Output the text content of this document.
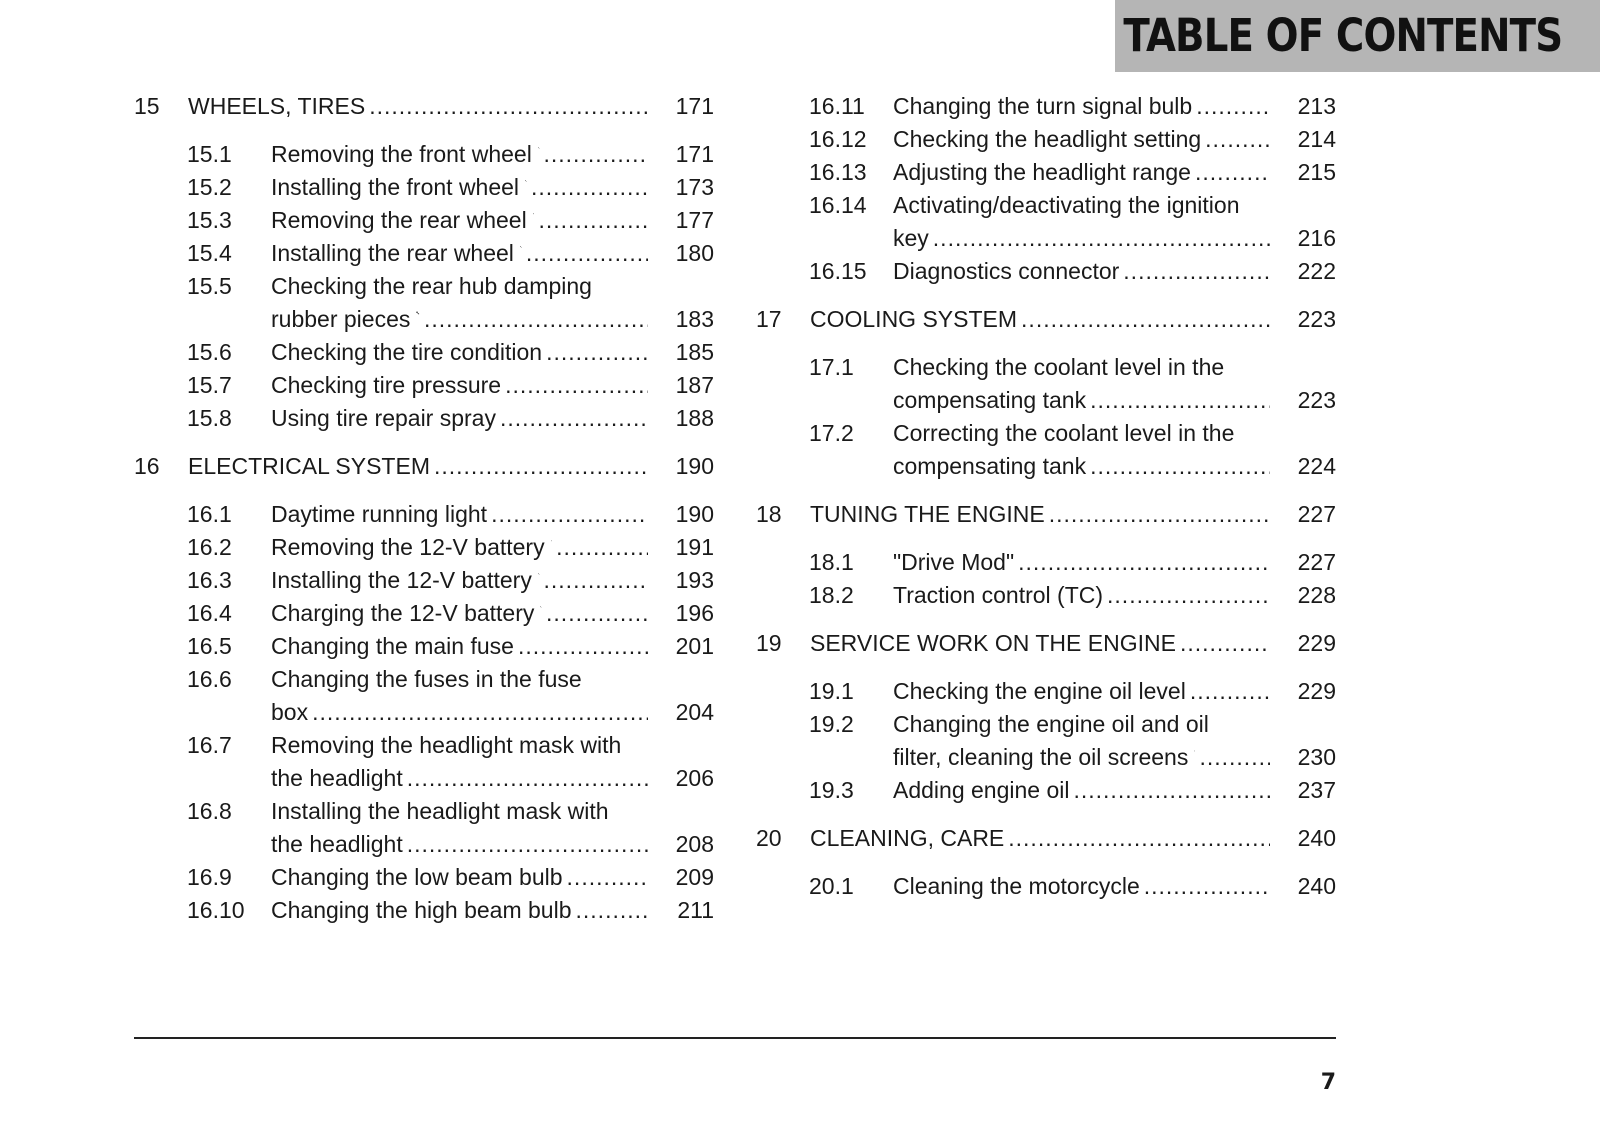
TABLE OF CONTENTS
15 WHEELS, TIRES .....	171
15.1 Removing the front wheel .....	171
15.2 Installing the front wheel .....	173
15.3 Removing the rear wheel .....	177
15.4 Installing the rear wheel .....	180
15.5 Checking the rear hub damping
rubber pieces .....	183
15.6 Checking the tire condition .....	185
15.7 Checking tire pressure .....	187
15.8 Using tire repair spray .....	188
16 ELECTRICAL SYSTEM .....	190
16.1 Daytime running light .....	190
16.2 Removing the 12-V battery .....	191
16.3 Installing the 12-V battery .....	193
16.4 Charging the 12-V battery .....	196
16.5 Changing the main fuse .....	201
16.6 Changing the fuses in the fuse
box .....	204
16.7 Removing the headlight mask with
the headlight .....	206
16.8 Installing the headlight mask with
the headlight .....	208
16.9 Changing the low beam bulb .....	209
16.10 Changing the high beam bulb .....	211
16.11 Changing the turn signal bulb .....	213
16.12 Checking the headlight setting .....	214
16.13 Adjusting the headlight range .....	215
16.14 Activating/deactivating the ignition
key .....	216
16.15 Diagnostics connector .....	222
17 COOLING SYSTEM .....	223
17.1 Checking the coolant level in the
compensating tank .....	223
17.2 Correcting the coolant level in the
compensating tank .....	224
18 TUNING THE ENGINE .....	227
18.1 "Drive Mod" .....	227
18.2 Traction control (TC) .....	228
19 SERVICE WORK ON THE ENGINE .....	229
19.1 Checking the engine oil level .....	229
19.2 Changing the engine oil and oil
filter, cleaning the oil screens .....	230
19.3 Adding engine oil .....	237
20 CLEANING, CARE .....	240
20.1 Cleaning the motorcycle .....	240
7
